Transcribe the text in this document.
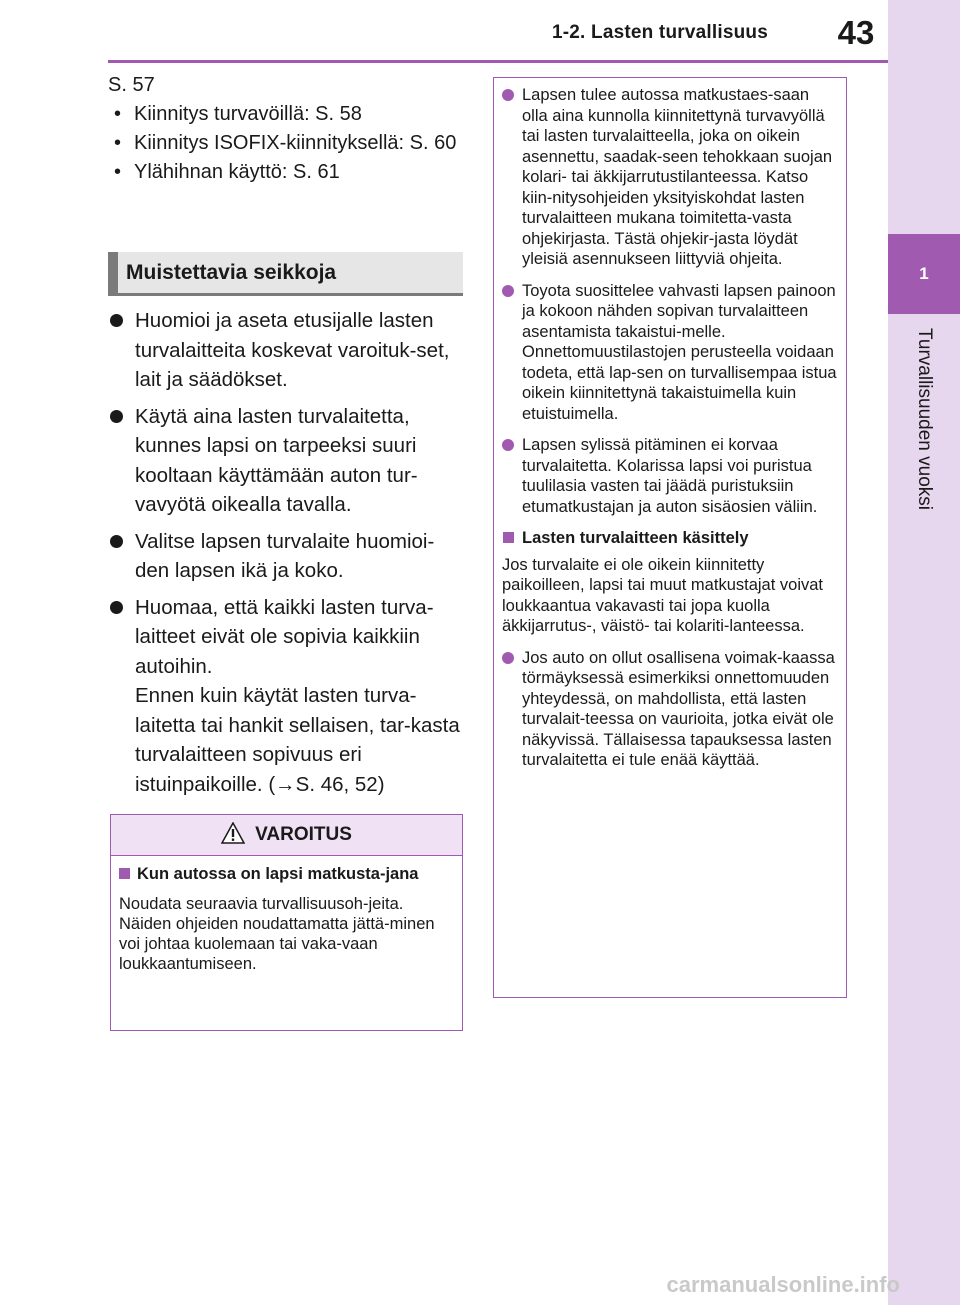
1-2. Lasten turvallisuus	43
1
Turvallisuuden vuoksi

S. 57

• Kiinnitys turvavöillä: S. 58
• Kiinnitys ISOFIX-kiinnityksellä: S. 60
• Ylähihnan käyttö: S. 61
Muistettavia seikkoja

Huomioi ja aseta etusijalle lasten turvalaitteita koskevat varoituk-set, lait ja säädökset.

Käytä aina lasten turvalaitetta, kunnes lapsi on tarpeeksi suuri kooltaan käyttämään auton tur-vavyötä oikealla tavalla.

Valitse lapsen turvalaite huomioi-den lapsen ikä ja koko.

Huomaa, että kaikki lasten turva-laitteet eivät ole sopivia kaikkiin autoihin.

Ennen kuin käytät lasten turva-laitetta tai hankit sellaisen, tar-kasta turvalaitteen sopivuus eri istuinpaikoille. (→S. 46, 52)

VAROITUS
Kun autossa on lapsi matkusta-jana

Noudata seuraavia turvallisuusoh-jeita.

Näiden ohjeiden noudattamatta jättä-minen voi johtaa kuolemaan tai vaka-vaan loukkaantumiseen.

Lapsen tulee autossa matkustaes-saan olla aina kunnolla kiinnitettynä turvavyöllä tai lasten turvalaitteella, joka on oikein asennettu, saadak-seen tehokkaan suojan kolari- tai äkkijarrutustilanteessa. Katso kiin-nitysohjeiden yksityiskohdat lasten turvalaitteen mukana toimitetta-vasta ohjekirjasta. Tästä ohjekir-jasta löydät yleisiä asennukseen liittyviä ohjeita.

Toyota suosittelee vahvasti lapsen painoon ja kokoon nähden sopivan turvalaitteen asentamista takaistui-melle. Onnettomuustilastojen perusteella voidaan todeta, että lap-sen on turvallisempaa istua oikein kiinnitettynä takaistuimella kuin etuistuimella.

Lapsen sylissä pitäminen ei korvaa turvalaitetta. Kolarissa lapsi voi puristua tuulilasia vasten tai jäädä puristuksiin etumatkustajan ja auton sisäosien väliin.

Lasten turvalaitteen käsittely

Jos turvalaite ei ole oikein kiinnitetty paikoilleen, lapsi tai muut matkustajat voivat loukkaantua vakavasti tai jopa kuolla äkkijarrutus-, väistö- tai kolariti-lanteessa.

Jos auto on ollut osallisena voimak-kaassa törmäyksessä esimerkiksi onnettomuuden yhteydessä, on mahdollista, että lasten turvalait-teessa on vaurioita, jotka eivät ole näkyvissä. Tällaisessa tapauksessa lasten turvalaitetta ei tule enää käyttää.

carmanualsonline.info
